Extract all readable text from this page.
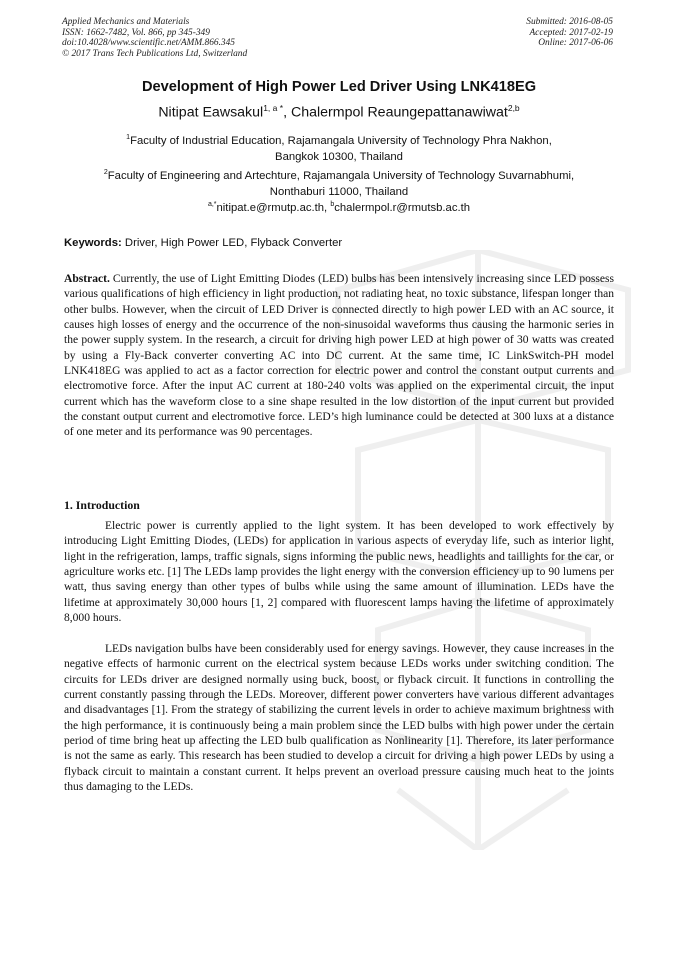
Applied Mechanics and Materials
ISSN: 1662-7482, Vol. 866, pp 345-349
doi:10.4028/www.scientific.net/AMM.866.345
© 2017 Trans Tech Publications Ltd, Switzerland
Submitted: 2016-08-05
Accepted: 2017-02-19
Online: 2017-06-06
Development of High Power Led Driver Using LNK418EG
Nitipat Eawsakul$^{1, a *}$, Chalermpol Reaungepattanawiwat$^{2,b}$
$^1$Faculty of Industrial Education, Rajamangala University of Technology Phra Nakhon,
Bangkok 10300, Thailand
$^2$Faculty of Engineering and Artechture, Rajamangala University of Technology Suvarnabhumi,
Nonthaburi 11000, Thailand
$^{a,*}$nitipat.e@rmutp.ac.th, $^b$chalermpol.r@rmutsb.ac.th
Keywords: Driver, High Power LED, Flyback Converter

Abstract. Currently, the use of Light Emitting Diodes (LED) bulbs has been intensively increasing since LED possess various qualifications of high efficiency in light production, not radiating heat, no toxic substance, lifespan longer than other bulbs. However, when the circuit of LED Driver is connected directly to high power LED with an AC source, it causes high losses of energy and the occurrence of the non-sinusoidal waveforms thus causing the harmonic series in the power supply system. In the research, a circuit for driving high power LED at high power of 30 watts was created by using a Fly-Back converter converting AC into DC current. At the same time, IC LinkSwitch-PH model LNK418EG was applied to act as a factor correction for electric power and control the constant output currents and electromotive force. After the input AC current at 180-240 volts was applied on the experimental circuit, the input current which has the waveform close to a sine shape resulted in the low distortion of the input current but provided the constant output current and electromotive force. LED’s high luminance could be detected at 300 luxs at a distance of one meter and its performance was 90 percentages.

1. Introduction

Electric power is currently applied to the light system. It has been developed to work effectively by introducing Light Emitting Diodes, (LEDs) for application in various aspects of everyday life, such as interior light, light in the refrigeration, lamps, traffic signals, signs informing the public news, headlights and taillights for the car, or agriculture works etc. [1] The LEDs lamp provides the light energy with the conversion efficiency up to 90 lumens per watt, thus saving energy than other types of bulbs while using the same amount of illumination. LEDs have the lifetime at approximately 30,000 hours [1, 2] compared with fluorescent lamps having the lifetime of approximately 8,000 hours.

LEDs navigation bulbs have been considerably used for energy savings. However, they cause increases in the negative effects of harmonic current on the electrical system because LEDs works under switching condition. The circuits for LEDs driver are designed normally using buck, boost, or flyback circuit. It functions in controlling the current constantly passing through the LEDs. Moreover, different power converters have various different advantages and disadvantages [1]. From the strategy of stabilizing the current levels in order to achieve maximum brightness with the high performance, it is continuously being a main problem since the LED bulbs with high power under the certain period of time bring heat up affecting the LED bulb qualification as Nonlinearity [1]. Therefore, its later performance is not the same as early. This research has been studied to develop a circuit for driving a high power LEDs by using a flyback circuit to maintain a constant current. It helps prevent an overload pressure causing much heat to the joints thus damaging to the LEDs.
